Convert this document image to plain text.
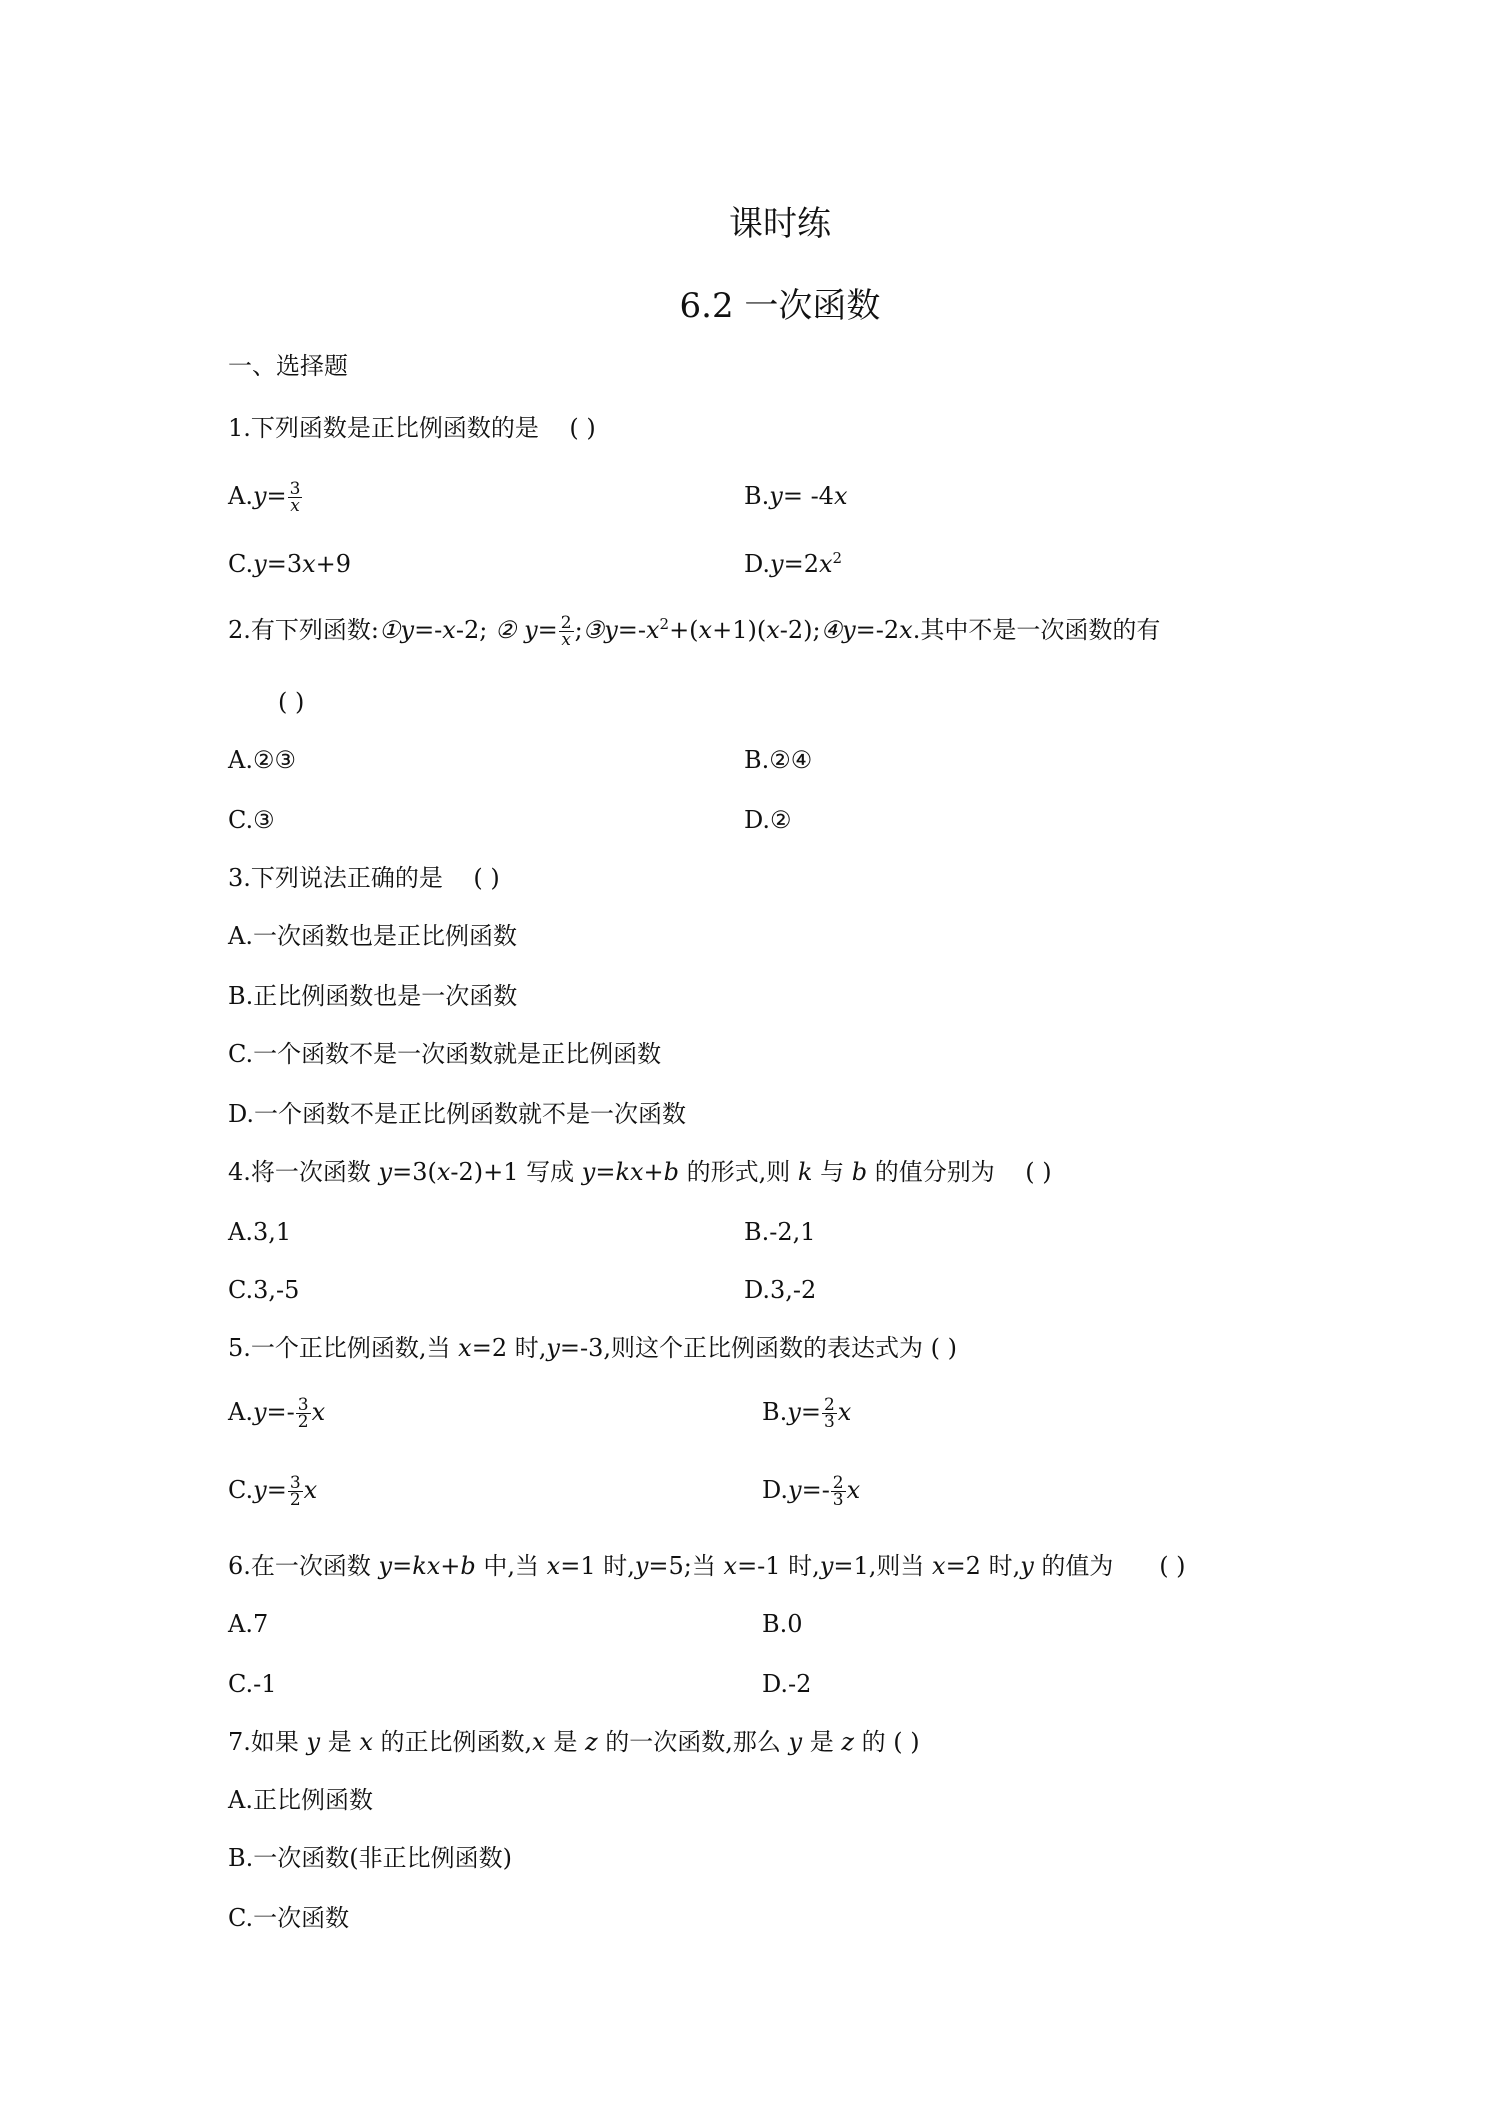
课时练
6.2 一次函数
一、选择题
1.下列函数是正比例函数的是 ( )
$A.y= \frac{3}{x}$	B.y= -4x
C.y=3x+9	$D.y=2x^2$
2.有下列函数:①y=-x-2; ② $y= \frac{2}{x}$ $;③y=-x^2+(x+1)(x-2);④y=-2x$.其中不是一次函数的有
( )
A.②③	B.②④
C.③	D.②
3.下列说法正确的是 ( )
A.一次函数也是正比例函数
B.正比例函数也是一次函数
C.一个函数不是一次函数就是正比例函数
D.一个函数不是正比例函数就不是一次函数
4.将一次函数 y=3(x-2)+1 写成 y=kx+b 的形式,则 k 与 b 的值分别为 ( )
A.3,1	B.-2,1
C.3,-5	D.3,-2
5.一个正比例函数,当 x=2 时,y=-3,则这个正比例函数的表达式为 ( )
$A.y=- \frac{3}{2}$ x	$B.y= \frac{2}{3}$ x
$C.y= \frac{3}{2}$ x	$D.y=- \frac{2}{3}$ x
6.在一次函数 y=kx+b 中,当 x=1 时,y=5;当 x=-1 时,y=1,则当 x=2 时,y 的值为 ( )
A.7	B.0
C.-1	D.-2
7.如果 y 是 x 的正比例函数,x 是 z 的一次函数,那么 y 是 z 的 ( )
A.正比例函数
B.一次函数(非正比例函数)
C.一次函数
